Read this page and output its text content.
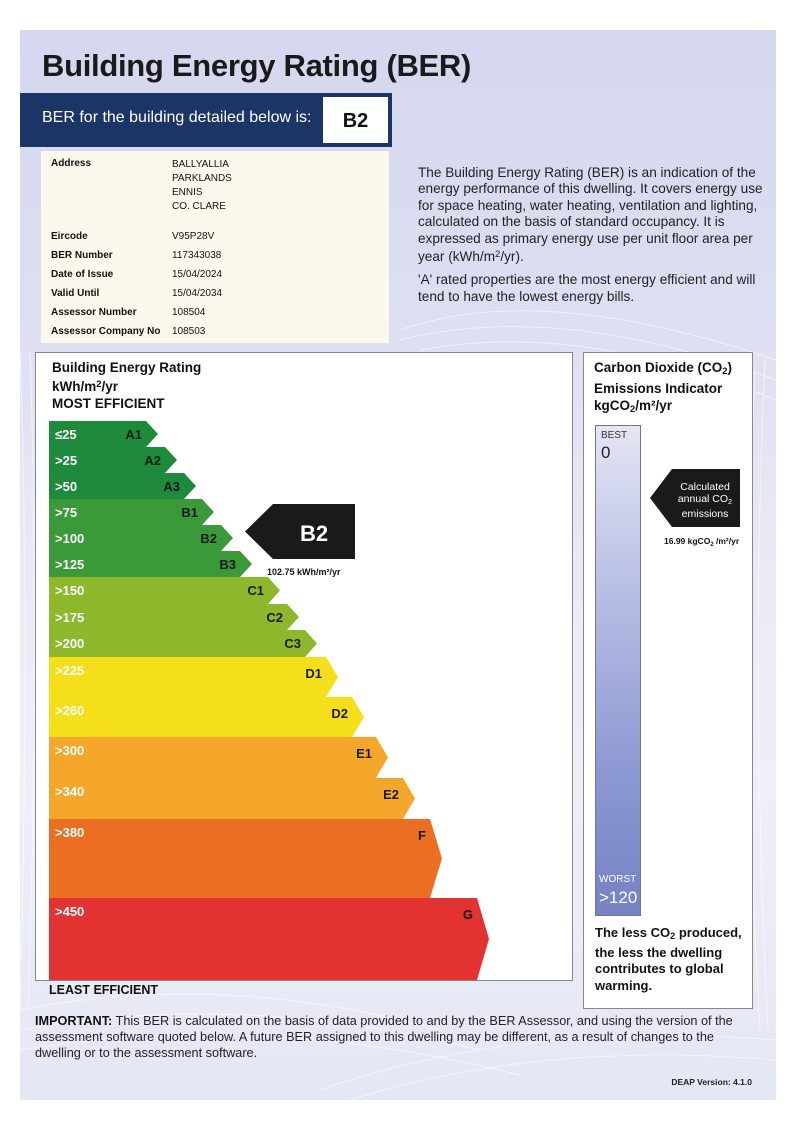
Building Energy Rating (BER)
BER for the building detailed below is:	B2
Address	BALLYALLIA
PARKLANDS
ENNIS
CO. CLARE
Eircode	V95P28V
BER Number	117343038
Date of Issue	15/04/2024
Valid Until	15/04/2034
Assessor Number	108504
Assessor Company No	108503

The Building Energy Rating (BER) is an indication of the energy performance of this dwelling. It covers energy use for space heating, water heating, ventilation and lighting, calculated on the basis of standard occupancy. It is expressed as primary energy use per unit floor area per year $(kWh/m^2/yr)$.

'A' rated properties are the most energy efficient and will tend to have the lowest energy bills.

Building Energy Rating
kWh/$m^2/yr$
MOST EFFICIENT
≤25	A1
>25	A2
>50	A3
>75	B1
>100	B2
>125	B3
>150	C1
>175	C2
>200	C3
>225	D1
>260	D2
>300	E1
>340	E2
>380	F
>450	G
B2
102.75 kWh/m²/yr
LEAST EFFICIENT
Carbon Dioxide $(CO_2)$
Emissions Indicator
kgCO$_2$/m²/yr
BEST
0
WORST
>120
Calculated
annual $CO_2$
emissions
16.99 kgCO$_2$ /m²/yr
The less $CO_2$ produced, the less the dwelling contributes to global warming.
IMPORTANT: This BER is calculated on the basis of data provided to and by the BER Assessor, and using the version of the assessment software quoted below. A future BER assigned to this dwelling may be different, as a result of changes to the dwelling or to the assessment software.
DEAP Version: 4.1.0
